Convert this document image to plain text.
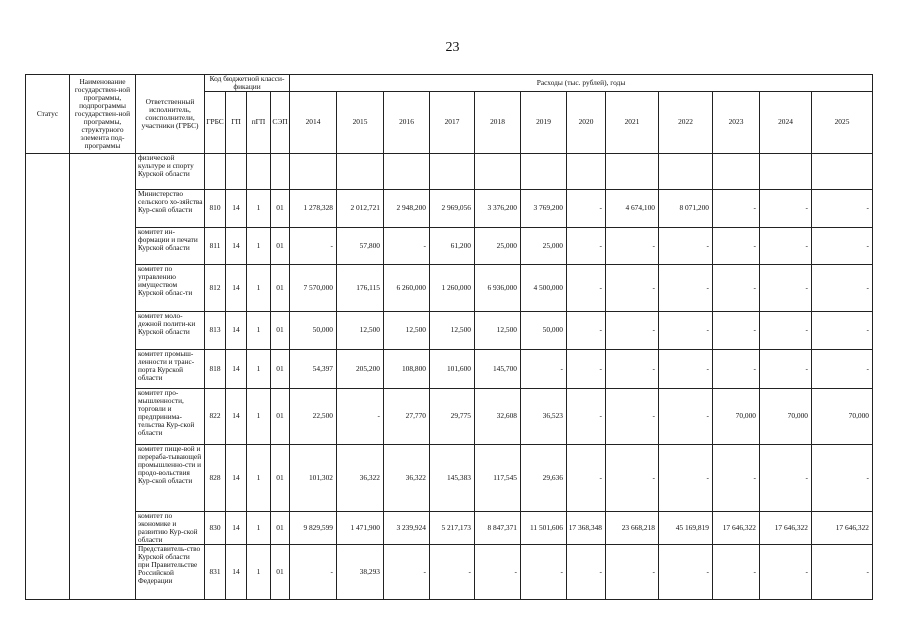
23
Статус	Наименование государствен-ной программы, подпрограммы государствен-ной программы, структурного элемента под-программы	Ответственный исполнитель, соисполнители, участники (ГРБС)	Код бюджетной класси-фикации				Расходы (тыс. рублей), годы											
			ГРБС	ГП	пГП	СЭП	2014	2015	2016	2017	2018	2019	2020	2021	2022	2023	2024	2025
		физической культуре и спорту Курской области																
		Министерство сельского хо-зяйства Кур-ской области	810	14	1	01	1 278,328	2 012,721	2 948,200	2 969,056	3 376,200	3 769,200	-	4 674,100	8 071,200	-	-	-
		комитет ин-формации и печати Курской области	811	14	1	01	-	57,800	-	61,200	25,000	25,000	-	-	-	-	-	-
		комитет по управлению имуществом Курской облас-ти	812	14	1	01	7 570,000	176,115	6 260,000	1 260,000	6 936,000	4 500,000	-	-	-	-	-	-
		комитет моло-дежной полити-ки Курской области	813	14	1	01	50,000	12,500	12,500	12,500	12,500	50,000	-	-	-	-	-	-
		комитет промыш-ленности и транс-порта Курской области	818	14	1	01	54,397	205,200	108,800	101,600	145,700	-	-	-	-	-	-	-
		комитет про-мышленности, торговли и предпринима-тельства Кур-ской области	822	14	1	01	22,500	-	27,770	29,775	32,608	36,523	-	-	-	70,000	70,000	70,000
		комитет пище-вой и перераба-тывающей промышленно-сти и продо-вольствия Кур-ской области	828	14	1	01	101,302	36,322	36,322	145,383	117,545	29,636	-	-	-	-	-	-
		комитет по экономике и развитию Кур-ской области	830	14	1	01	9 829,599	1 471,900	3 239,924	5 217,173	8 847,371	11 501,606	17 368,348	23 668,218	45 169,819	17 646,322	17 646,322	17 646,322
		Представитель-ство Курской области при Правительстве Российской Федерации	831	14	1	01	-	38,293	-	-	-	-	-	-	-	-	-	-
